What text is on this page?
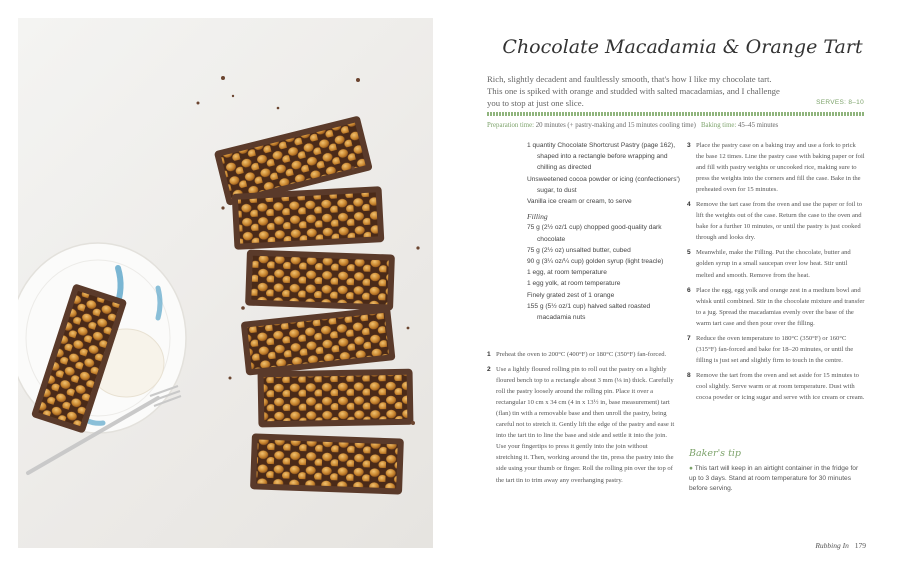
Chocolate Macadamia & Orange Tart
Rich, slightly decadent and faultlessly smooth, that's how I like my chocolate tart. This one is spiked with orange and studded with salted macadamias, and I challenge you to stop at just one slice.	SERVES: 8–10
Preparation time: 20 minutes (+ pastry-making and 15 minutes cooling time) Baking time: 45–45 minutes
1 quantity Chocolate Shortcrust Pastry (page 162), shaped into a rectangle before wrapping and chilling as directed
Unsweetened cocoa powder or icing (confectioners') sugar, to dust
Vanilla ice cream or cream, to serve
Filling
75 g (2½ oz/1 cup) chopped good-quality dark chocolate
75 g (2½ oz) unsalted butter, cubed
90 g (3¼ oz/¼ cup) golden syrup (light treacle)
1 egg, at room temperature
1 egg yolk, at room temperature
Finely grated zest of 1 orange
155 g (5½ oz/1 cup) halved salted roasted macadamia nuts
1 Preheat the oven to 200°C (400°F) or 180°C (350°F) fan-forced.
2 Use a lightly floured rolling pin to roll out the pastry on a lightly floured bench top to a rectangle about 3 mm (⅛ in) thick. Carefully roll the pastry loosely around the rolling pin. Place it over a rectangular 10 cm x 34 cm (4 in x 13½ in, base measurement) tart (flan) tin with a removable base and then unroll the pastry, being careful not to stretch it. Gently lift the edge of the pastry and ease it into the tart tin to line the base and side and settle it into the join. Use your fingertips to press it gently into the join without stretching it. Then, working around the tin, press the pastry into the side using your thumb or finger. Roll the rolling pin over the top of the tart tin to trim away any overhanging pastry.
3 Place the pastry case on a baking tray and use a fork to prick the base 12 times. Line the pastry case with baking paper or foil and fill with pastry weights or uncooked rice, making sure to press the weights into the corners and fill the case. Bake in the preheated oven for 15 minutes.
4 Remove the tart case from the oven and use the paper or foil to lift the weights out of the case. Return the case to the oven and bake for a further 10 minutes, or until the pastry is just cooked through and looks dry.
5 Meanwhile, make the Filling. Put the chocolate, butter and golden syrup in a small saucepan over low heat. Stir until melted and smooth. Remove from the heat.
6 Place the egg, egg yolk and orange zest in a medium bowl and whisk until combined. Stir in the chocolate mixture and transfer to a jug. Spread the macadamias evenly over the base of the warm tart case and then pour over the filling.
7 Reduce the oven temperature to 180°C (350°F) or 160°C (315°F) fan-forced and bake for 18–20 minutes, or until the filling is just set and slightly firm to touch in the centre.
8 Remove the tart from the oven and set aside for 15 minutes to cool slightly. Serve warm or at room temperature. Dust with cocoa powder or icing sugar and serve with ice cream or cream.
Baker's tip
● This tart will keep in an airtight container in the fridge for up to 3 days. Stand at room temperature for 30 minutes before serving.
Rubbing In 179
